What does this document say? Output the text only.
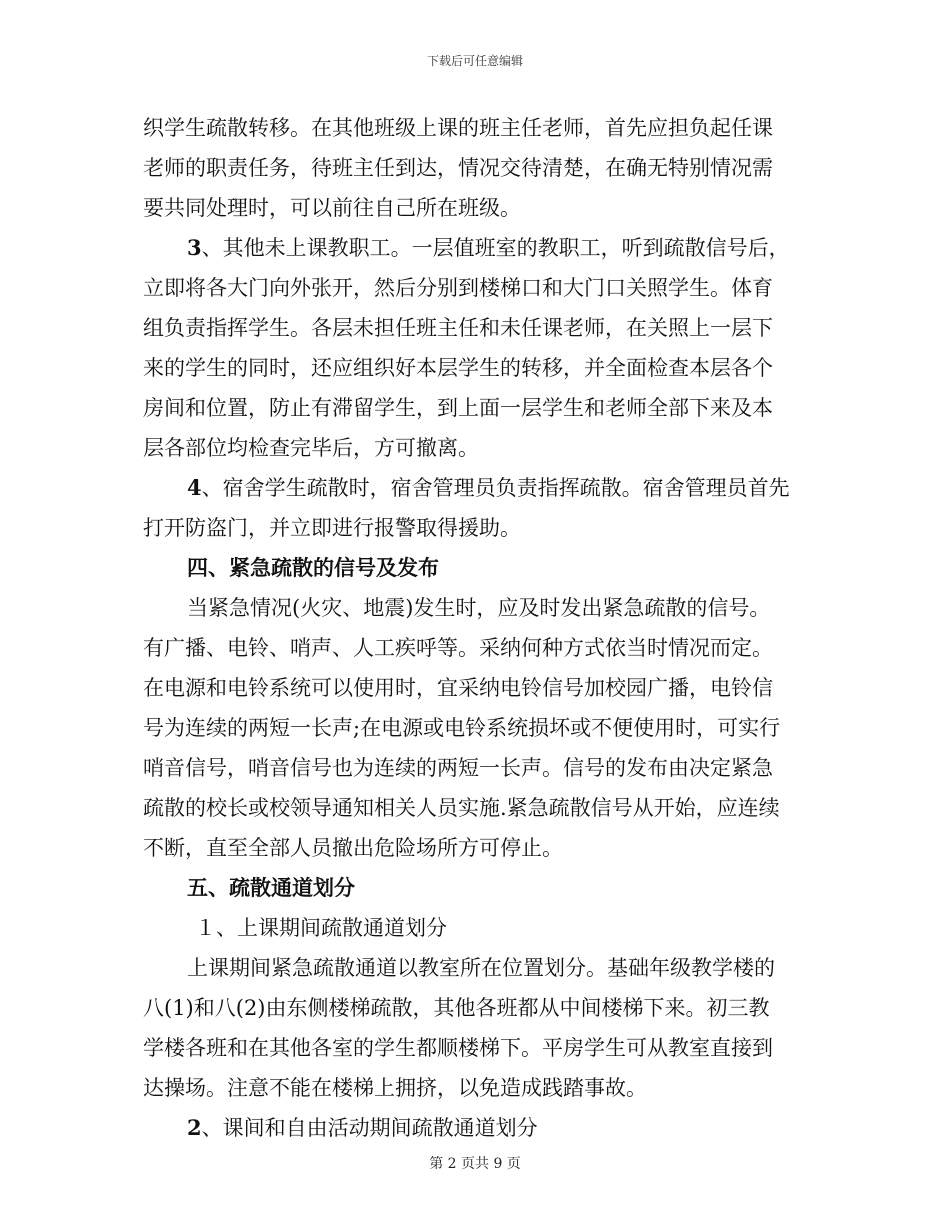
下载后可任意编辑

织学生疏散转移。在其他班级上课的班主任老师，首先应担负起任课
老师的职责任务，待班主任到达，情况交待清楚，在确无特别情况需
要共同处理时，可以前往自己所在班级。

3、其他未上课教职工。一层值班室的教职工，听到疏散信号后，
立即将各大门向外张开，然后分别到楼梯口和大门口关照学生。体育
组负责指挥学生。各层未担任班主任和未任课老师，在关照上一层下
来的学生的同时，还应组织好本层学生的转移，并全面检查本层各个
房间和位置，防止有滞留学生，到上面一层学生和老师全部下来及本
层各部位均检查完毕后，方可撤离。

4、宿舍学生疏散时，宿舍管理员负责指挥疏散。宿舍管理员首先
打开防盗门，并立即进行报警取得援助。

四、紧急疏散的信号及发布

当紧急情况(火灾、地震)发生时，应及时发出紧急疏散的信号。
有广播、电铃、哨声、人工疾呼等。采纳何种方式依当时情况而定。
在电源和电铃系统可以使用时，宜采纳电铃信号加校园广播，电铃信
号为连续的两短一长声;在电源或电铃系统损坏或不便使用时，可实行
哨音信号，哨音信号也为连续的两短一长声。信号的发布由决定紧急
疏散的校长或校领导通知相关人员实施.紧急疏散信号从开始，应连续
不断，直至全部人员撤出危险场所方可停止。

五、疏散通道划分

１、上课期间疏散通道划分

上课期间紧急疏散通道以教室所在位置划分。基础年级教学楼的
八(1)和八(2)由东侧楼梯疏散，其他各班都从中间楼梯下来。初三教
学楼各班和在其他各室的学生都顺楼梯下。平房学生可从教室直接到
达操场。注意不能在楼梯上拥挤，以免造成践踏事故。

2、课间和自由活动期间疏散通道划分

第 2 页共 9 页
